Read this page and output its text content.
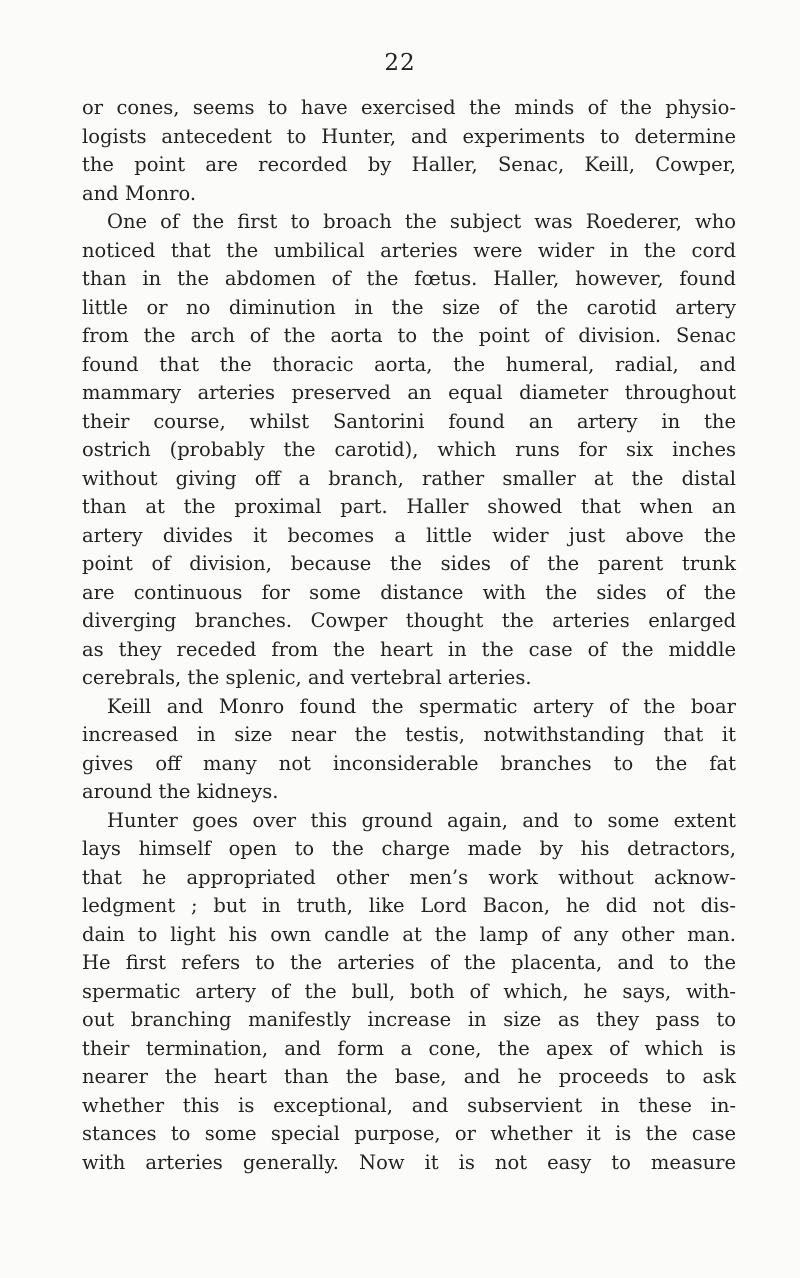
22
or cones, seems to have exercised the minds of the physio-
logists antecedent to Hunter, and experiments to determine
the point are recorded by Haller, Senac, Keill, Cowper,
and Monro.
One of the first to broach the subject was Roederer, who
noticed that the umbilical arteries were wider in the cord
than in the abdomen of the fœtus. Haller, however, found
little or no diminution in the size of the carotid artery
from the arch of the aorta to the point of division. Senac
found that the thoracic aorta, the humeral, radial, and
mammary arteries preserved an equal diameter throughout
their course, whilst Santorini found an artery in the
ostrich (probably the carotid), which runs for six inches
without giving off a branch, rather smaller at the distal
than at the proximal part. Haller showed that when an
artery divides it becomes a little wider just above the
point of division, because the sides of the parent trunk
are continuous for some distance with the sides of the
diverging branches. Cowper thought the arteries enlarged
as they receded from the heart in the case of the middle
cerebrals, the splenic, and vertebral arteries.
Keill and Monro found the spermatic artery of the boar
increased in size near the testis, notwithstanding that it
gives off many not inconsiderable branches to the fat
around the kidneys.
Hunter goes over this ground again, and to some extent
lays himself open to the charge made by his detractors,
that he appropriated other men’s work without acknow-
ledgment ; but in truth, like Lord Bacon, he did not dis-
dain to light his own candle at the lamp of any other man.
He first refers to the arteries of the placenta, and to the
spermatic artery of the bull, both of which, he says, with-
out branching manifestly increase in size as they pass to
their termination, and form a cone, the apex of which is
nearer the heart than the base, and he proceeds to ask
whether this is exceptional, and subservient in these in-
stances to some special purpose, or whether it is the case
with arteries generally. Now it is not easy to measure
